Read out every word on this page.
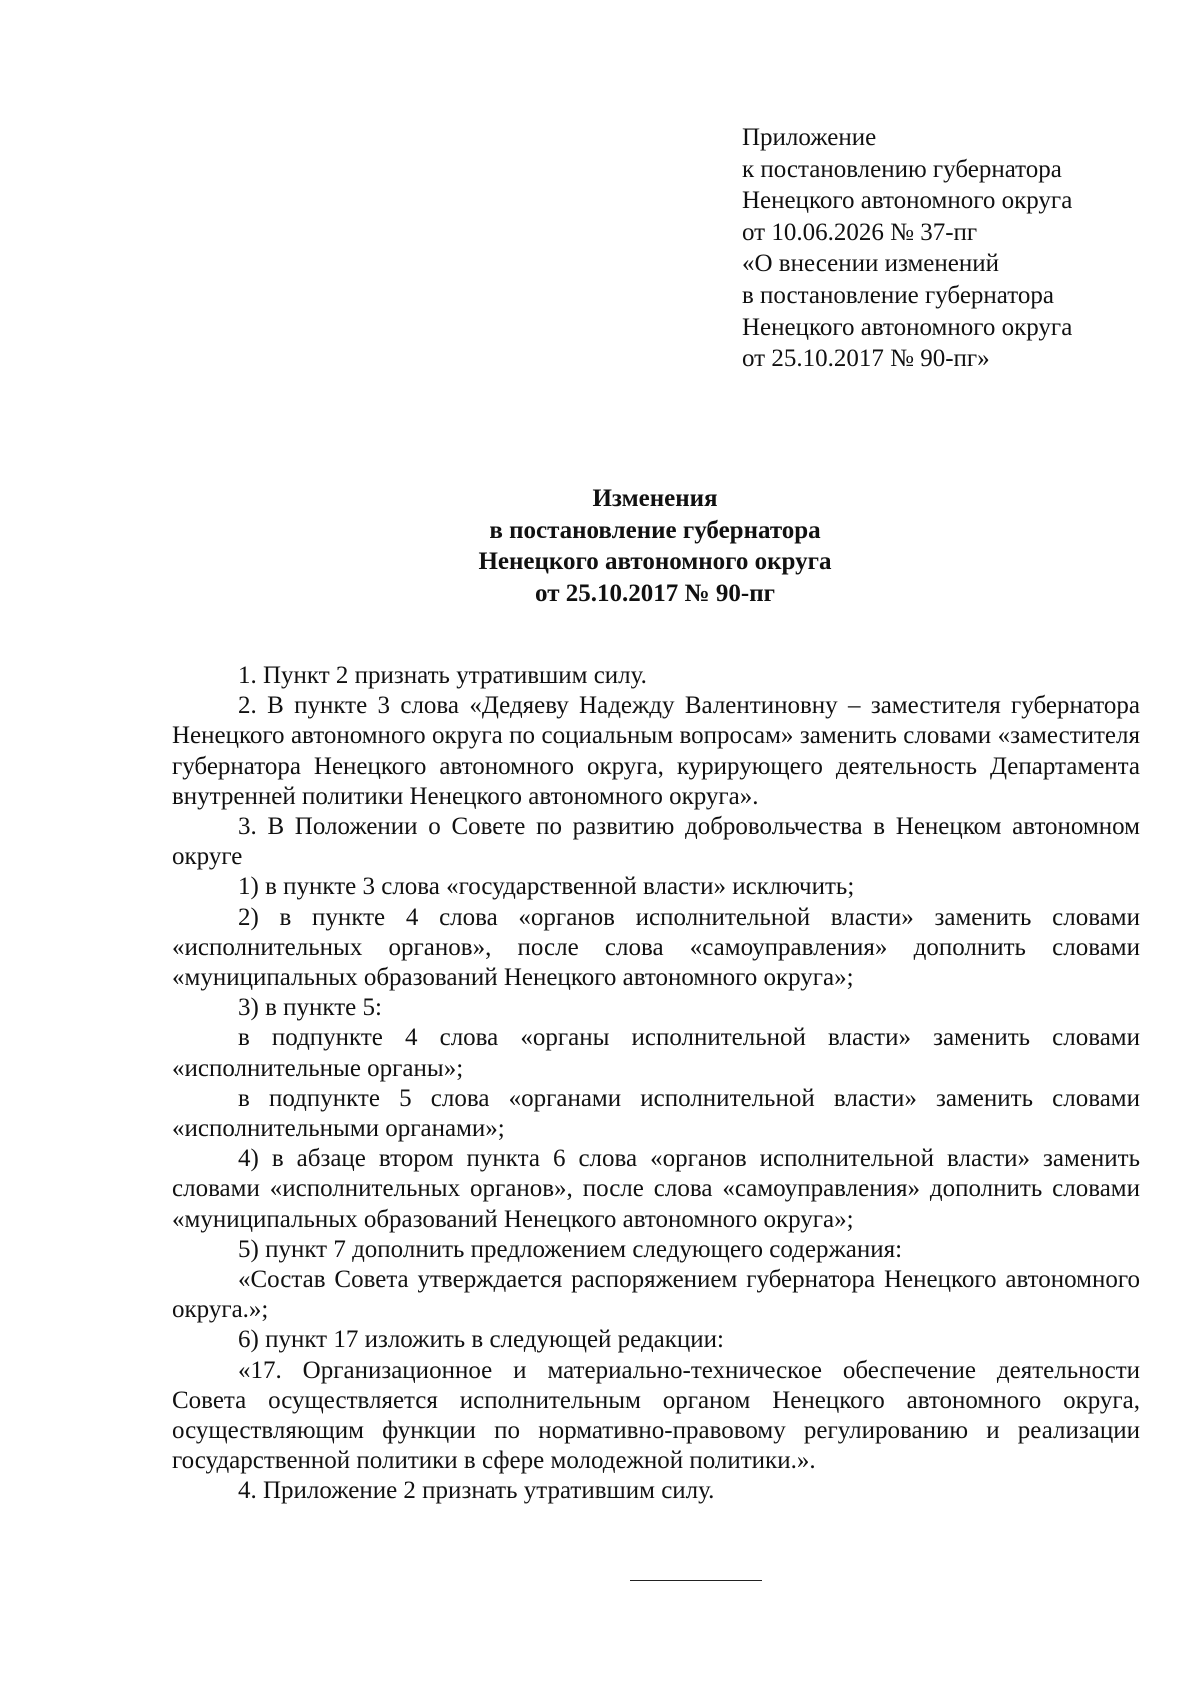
Приложение
к постановлению губернатора
Ненецкого автономного округа
от 10.06.2026 № 37-пг
«О внесении изменений
в постановление губернатора
Ненецкого автономного округа
от 25.10.2017 № 90-пг»
Изменения
в постановление губернатора
Ненецкого автономного округа
от 25.10.2017 № 90-пг

1. Пункт 2 признать утратившим силу.

2. В пункте 3 слова «Дедяеву Надежду Валентиновну – заместителя губернатора Ненецкого автономного округа по социальным вопросам» заменить словами «заместителя губернатора Ненецкого автономного округа, курирующего деятельность Департамента внутренней политики Ненецкого автономного округа».

3. В Положении о Совете по развитию добровольчества в Ненецком автономном округе

1) в пункте 3 слова «государственной власти» исключить;

2) в пункте 4 слова «органов исполнительной власти» заменить словами «исполнительных органов», после слова «самоуправления» дополнить словами «муниципальных образований Ненецкого автономного округа»;

3) в пункте 5:

в подпункте 4 слова «органы исполнительной власти» заменить словами «исполнительные органы»;

в подпункте 5 слова «органами исполнительной власти» заменить словами «исполнительными органами»;

4) в абзаце втором пункта 6 слова «органов исполнительной власти» заменить словами «исполнительных органов», после слова «самоуправления» дополнить словами «муниципальных образований Ненецкого автономного округа»;

5) пункт 7 дополнить предложением следующего содержания:

«Состав Совета утверждается распоряжением губернатора Ненецкого автономного округа.»;

6) пункт 17 изложить в следующей редакции:

«17. Организационное и материально-техническое обеспечение деятельности Совета осуществляется исполнительным органом Ненецкого автономного округа, осуществляющим функции по нормативно-правовому регулированию и реализации государственной политики в сфере молодежной политики.».

4. Приложение 2 признать утратившим силу.
